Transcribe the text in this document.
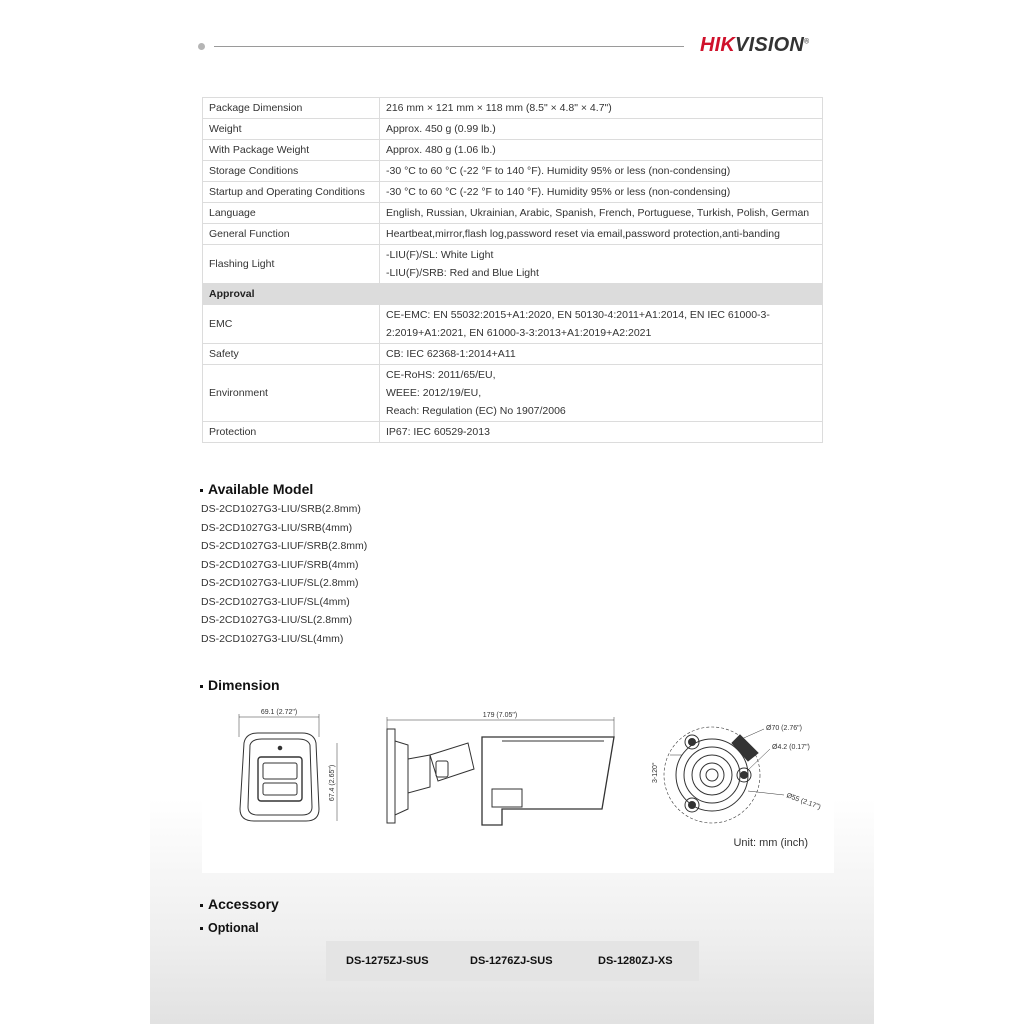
HIKVISION®
Package Dimension	216 mm × 121 mm × 118 mm (8.5" × 4.8" × 4.7")
Weight	Approx. 450 g (0.99 lb.)
With Package Weight	Approx. 480 g (1.06 lb.)
Storage Conditions	-30 °C to 60 °C (-22 °F to 140 °F). Humidity 95% or less (non-condensing)
Startup and Operating Conditions	-30 °C to 60 °C (-22 °F to 140 °F). Humidity 95% or less (non-condensing)
Language	English, Russian, Ukrainian, Arabic, Spanish, French, Portuguese, Turkish, Polish, German
General Function	Heartbeat,mirror,flash log,password reset via email,password protection,anti-banding
Flashing Light	-LIU(F)/SL: White Light
-LIU(F)/SRB: Red and Blue Light

Approval	
EMC	CE-EMC: EN 55032:2015+A1:2020, EN 50130-4:2011+A1:2014, EN IEC 61000-3-2:2019+A1:2021, EN 61000-3-3:2013+A1:2019+A2:2021
Safety	CB: IEC 62368-1:2014+A11
Environment	CE-RoHS: 2011/65/EU,
WEEE: 2012/19/EU,
Reach: Regulation (EC) No 1907/2006

Protection	IP67: IEC 60529-2013
Available Model
DS-2CD1027G3-LIU/SRB(2.8mm)
DS-2CD1027G3-LIU/SRB(4mm)
DS-2CD1027G3-LIUF/SRB(2.8mm)
DS-2CD1027G3-LIUF/SRB(4mm)
DS-2CD1027G3-LIUF/SL(2.8mm)
DS-2CD1027G3-LIUF/SL(4mm)
DS-2CD1027G3-LIU/SL(2.8mm)
DS-2CD1027G3-LIU/SL(4mm)
Dimension
69.1 (2.72")
67.4 (2.65")
179 (7.05")
Ø70 (2.76")
Ø4.2 (0.17")
Ø55 (2.17")
3-120°
Unit: mm (inch)
Accessory
Optional
DS-1275ZJ-SUS	DS-1276ZJ-SUS	DS-1280ZJ-XS
